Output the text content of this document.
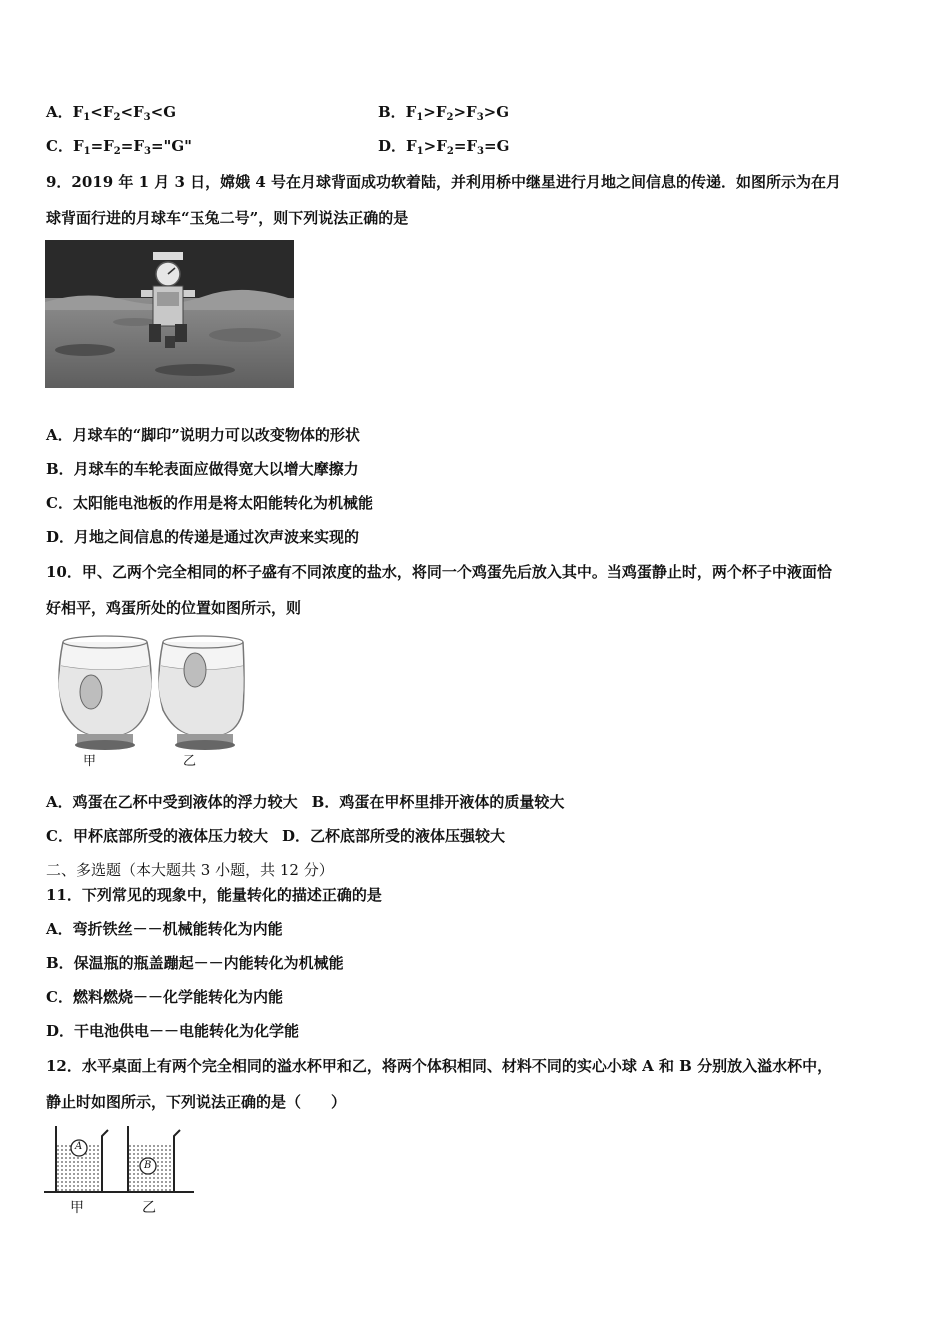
A．$F_1<F_2<F_3<G$	B．$F_1>F_2>F_3>G$
C．$F_1=F_2=F_3="G$"	D．$F_1>F_2=F_3=G$
9．2019 年 1 月 3 日，嫦娥 4 号在月球背面成功软着陆，并利用桥中继星进行月地之间信息的传递．如图所示为在月
球背面行进的月球车“玉兔二号”，则下列说法正确的是
A．月球车的“脚印”说明力可以改变物体的形状
B．月球车的车轮表面应做得宽大以增大摩擦力
C．太阳能电池板的作用是将太阳能转化为机械能
D．月地之间信息的传递是通过次声波来实现的
10．甲、乙两个完全相同的杯子盛有不同浓度的盐水，将同一个鸡蛋先后放入其中。当鸡蛋静止时，两个杯子中液面恰
好相平，鸡蛋所处的位置如图所示，则
甲	乙
A．鸡蛋在乙杯中受到液体的浮力较大 B．鸡蛋在甲杯里排开液体的质量较大
C．甲杯底部所受的液体压力较大 D．乙杯底部所受的液体压强较大
二、多选题（本大题共 3 小题，共 12 分）
11．下列常见的现象中，能量转化的描述正确的是
A．弯折铁丝－－机械能转化为内能
B．保温瓶的瓶盖蹦起－－内能转化为机械能
C．燃料燃烧－－化学能转化为内能
D．干电池供电－－电能转化为化学能
12．水平桌面上有两个完全相同的溢水杯甲和乙，将两个体积相同、材料不同的实心小球 A 和 B 分别放入溢水杯中，
静止时如图所示，下列说法正确的是（　　）
A
B
甲	乙
